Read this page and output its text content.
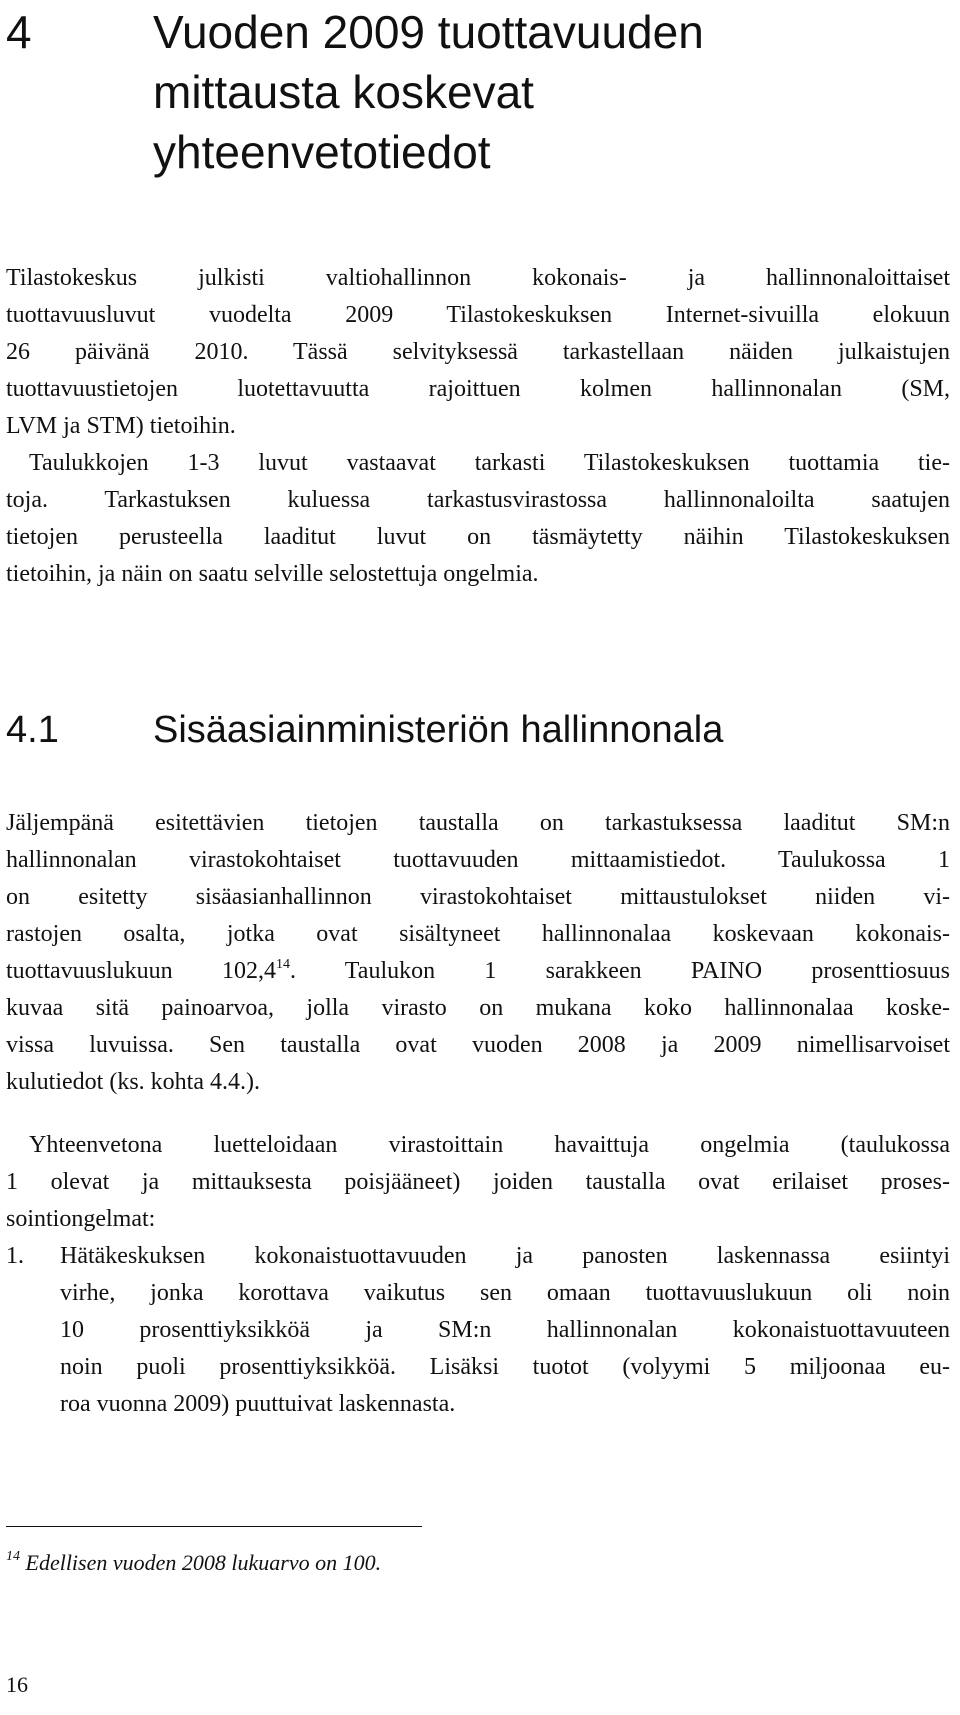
4	Vuoden 2009 tuottavuuden
mittausta koskevat
yhteenvetotiedot
Tilastokeskus julkisti valtiohallinnon kokonais- ja hallinnonaloittaiset
tuottavuusluvut vuodelta 2009 Tilastokeskuksen Internet-sivuilla elokuun
26 päivänä 2010. Tässä selvityksessä tarkastellaan näiden julkaistujen
tuottavuustietojen luotettavuutta rajoittuen kolmen hallinnonalan (SM,
LVM ja STM) tietoihin.
Taulukkojen 1-3 luvut vastaavat tarkasti Tilastokeskuksen tuottamia tie-
toja. Tarkastuksen kuluessa tarkastusvirastossa hallinnonaloilta saatujen
tietojen perusteella laaditut luvut on täsmäytetty näihin Tilastokeskuksen
tietoihin, ja näin on saatu selville selostettuja ongelmia.
4.1 Sisäasiainministeriön hallinnonala
Jäljempänä esitettävien tietojen taustalla on tarkastuksessa laaditut SM:n
hallinnonalan virastokohtaiset tuottavuuden mittaamistiedot. Taulukossa 1
on esitetty sisäasianhallinnon virastokohtaiset mittaustulokset niiden vi-
rastojen osalta, jotka ovat sisältyneet hallinnonalaa koskevaan kokonais-
tuottavuuslukuun 102,4$^{14}$. Taulukon 1 sarakkeen PAINO prosenttiosuus
kuvaa sitä painoarvoa, jolla virasto on mukana koko hallinnonalaa koske-
vissa luvuissa. Sen taustalla ovat vuoden 2008 ja 2009 nimellisarvoiset
kulutiedot (ks. kohta 4.4.).
Yhteenvetona luetteloidaan virastoittain havaittuja ongelmia (taulukossa
1 olevat ja mittauksesta poisjääneet) joiden taustalla ovat erilaiset proses-
sointiongelmat:
1. Hätäkeskuksen kokonaistuottavuuden ja panosten laskennassa esiintyi
virhe, jonka korottava vaikutus sen omaan tuottavuuslukuun oli noin
10 prosenttiyksikköä ja SM:n hallinnonalan kokonaistuottavuuteen
noin puoli prosenttiyksikköä. Lisäksi tuotot (volyymi 5 miljoonaa eu-
roa vuonna 2009) puuttuivat laskennasta.
$^{14}$ Edellisen vuoden 2008 lukuarvo on 100.
16
